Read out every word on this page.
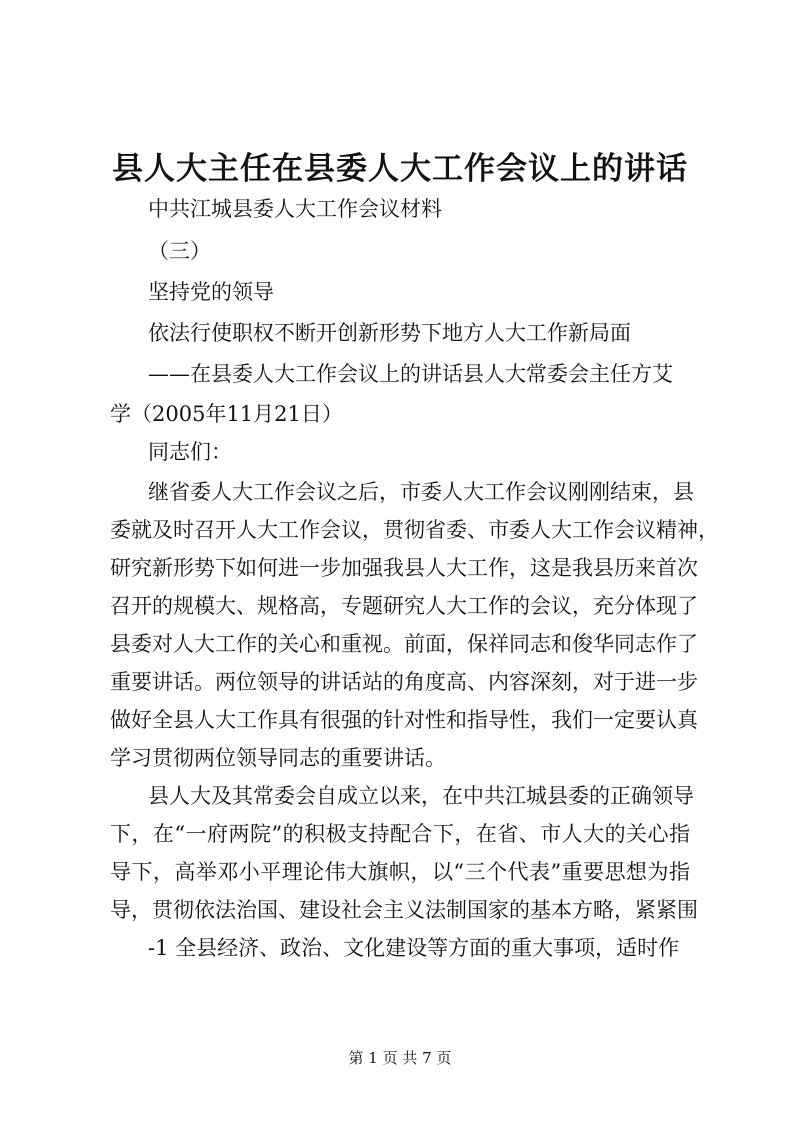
县人大主任在县委人大工作会议上的讲话
中共江城县委人大工作会议材料
（三）
坚持党的领导
依法行使职权不断开创新形势下地方人大工作新局面
——在县委人大工作会议上的讲话县人大常委会主任方艾
学（2005年11月21日）
同志们：
继省委人大工作会议之后，市委人大工作会议刚刚结束，县
委就及时召开人大工作会议，贯彻省委、市委人大工作会议精神，
研究新形势下如何进一步加强我县人大工作，这是我县历来首次
召开的规模大、规格高，专题研究人大工作的会议，充分体现了
县委对人大工作的关心和重视。前面，保祥同志和俊华同志作了
重要讲话。两位领导的讲话站的角度高、内容深刻，对于进一步
做好全县人大工作具有很强的针对性和指导性，我们一定要认真
学习贯彻两位领导同志的重要讲话。
县人大及其常委会自成立以来，在中共江城县委的正确领导
下，在“一府两院”的积极支持配合下，在省、市人大的关心指
导下，高举邓小平理论伟大旗帜，以“三个代表”重要思想为指
导，贯彻依法治国、建设社会主义法制国家的基本方略，紧紧围
-1 全县经济、政治、文化建设等方面的重大事项，适时作
第 1 页 共 7 页
